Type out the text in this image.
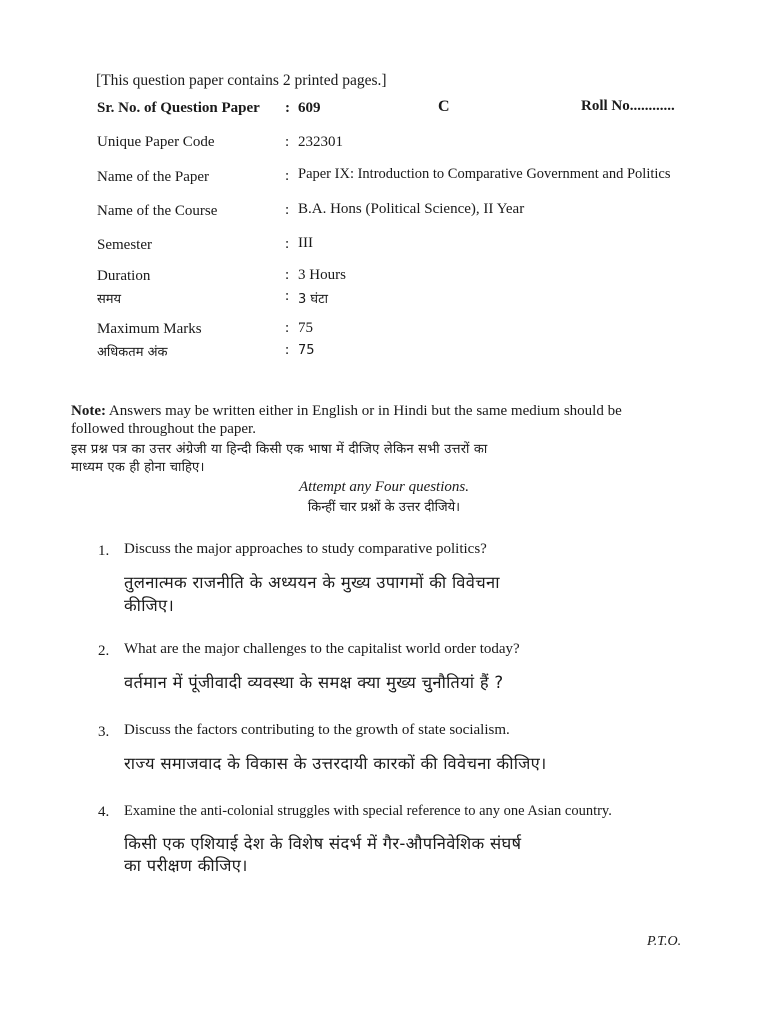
[This question paper contains 2 printed pages.]
Sr. No. of Question Paper : 609	C	Roll No............
Unique Paper Code	: 232301
Name of the Paper	: Paper IX: Introduction to Comparative Government and Politics
Name of the Course	: B.A. Hons (Political Science), II Year
Semester	: III
Duration	: 3 Hours
समय	: 3 घंटा
Maximum Marks	: 75
अधिकतम अंक	: 75
Note: Answers may be written either in English or in Hindi but the same medium should be
followed throughout the paper.
इस प्रश्न पत्र का उत्तर अंग्रेजी या हिन्दी किसी एक भाषा में दीजिए लेकिन सभी उत्तरों का
माध्यम एक ही होना चाहिए।
Attempt any Four questions.
किन्हीं चार प्रश्नों के उत्तर दीजिये।
1. Discuss the major approaches to study comparative politics?
तुलनात्मक राजनीति के अध्ययन के मुख्य उपागमों की विवेचना
कीजिए।
2. What are the major challenges to the capitalist world order today?
वर्तमान में पूंजीवादी व्यवस्था के समक्ष क्या मुख्य चुनौतियां हैं ?
3. Discuss the factors contributing to the growth of state socialism.
राज्य समाजवाद के विकास के उत्तरदायी कारकों की विवेचना कीजिए।
4. Examine the anti-colonial struggles with special reference to any one Asian country.
किसी एक एशियाई देश के विशेष संदर्भ में गैर-औपनिवेशिक संघर्ष
का परीक्षण कीजिए।
P.T.O.
